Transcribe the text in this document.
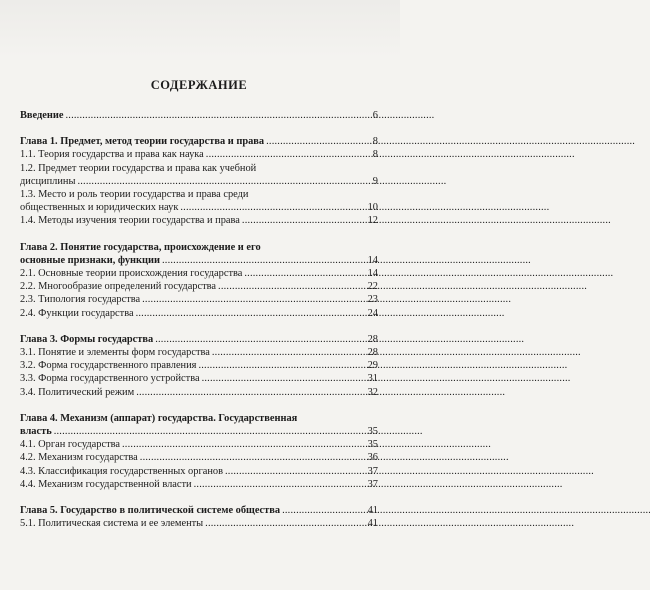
СОДЕРЖАНИЕ
Введение . . .	6
Глава 1. Предмет, метод теории государства и права . . .	8
1.1. Теория государства и права как наука . . .	8
1.2. Предмет теории государства и права как учебной
дисциплины . . .	9
1.3. Место и роль теории государства и права среди
общественных и юридических наук . . .	10
1.4. Методы изучения теории государства и права . . .	12
Глава 2. Понятие государства, происхождение и его
основные признаки, функции . . .	14
2.1. Основные теории происхождения государства . . .	14
2.2. Многообразие определений государства . . .	22
2.3. Типология государства . . .	23
2.4. Функции государства . . .	24
Глава 3. Формы государства . . .	28
3.1. Понятие и элементы форм государства . . .	28
3.2. Форма государственного правления . . .	29
3.3. Форма государственного устройства . . .	31
3.4. Политический режим . . .	32
Глава 4. Механизм (аппарат) государства. Государственная
власть . . .	35
4.1. Орган государства . . .	35
4.2. Механизм государства . . .	36
4.3. Классификация государственных органов . . .	37
4.4. Механизм государственной власти . . .	37
Глава 5. Государство в политической системе общества . . .	41
5.1. Политическая система и ее элементы . . .	41
